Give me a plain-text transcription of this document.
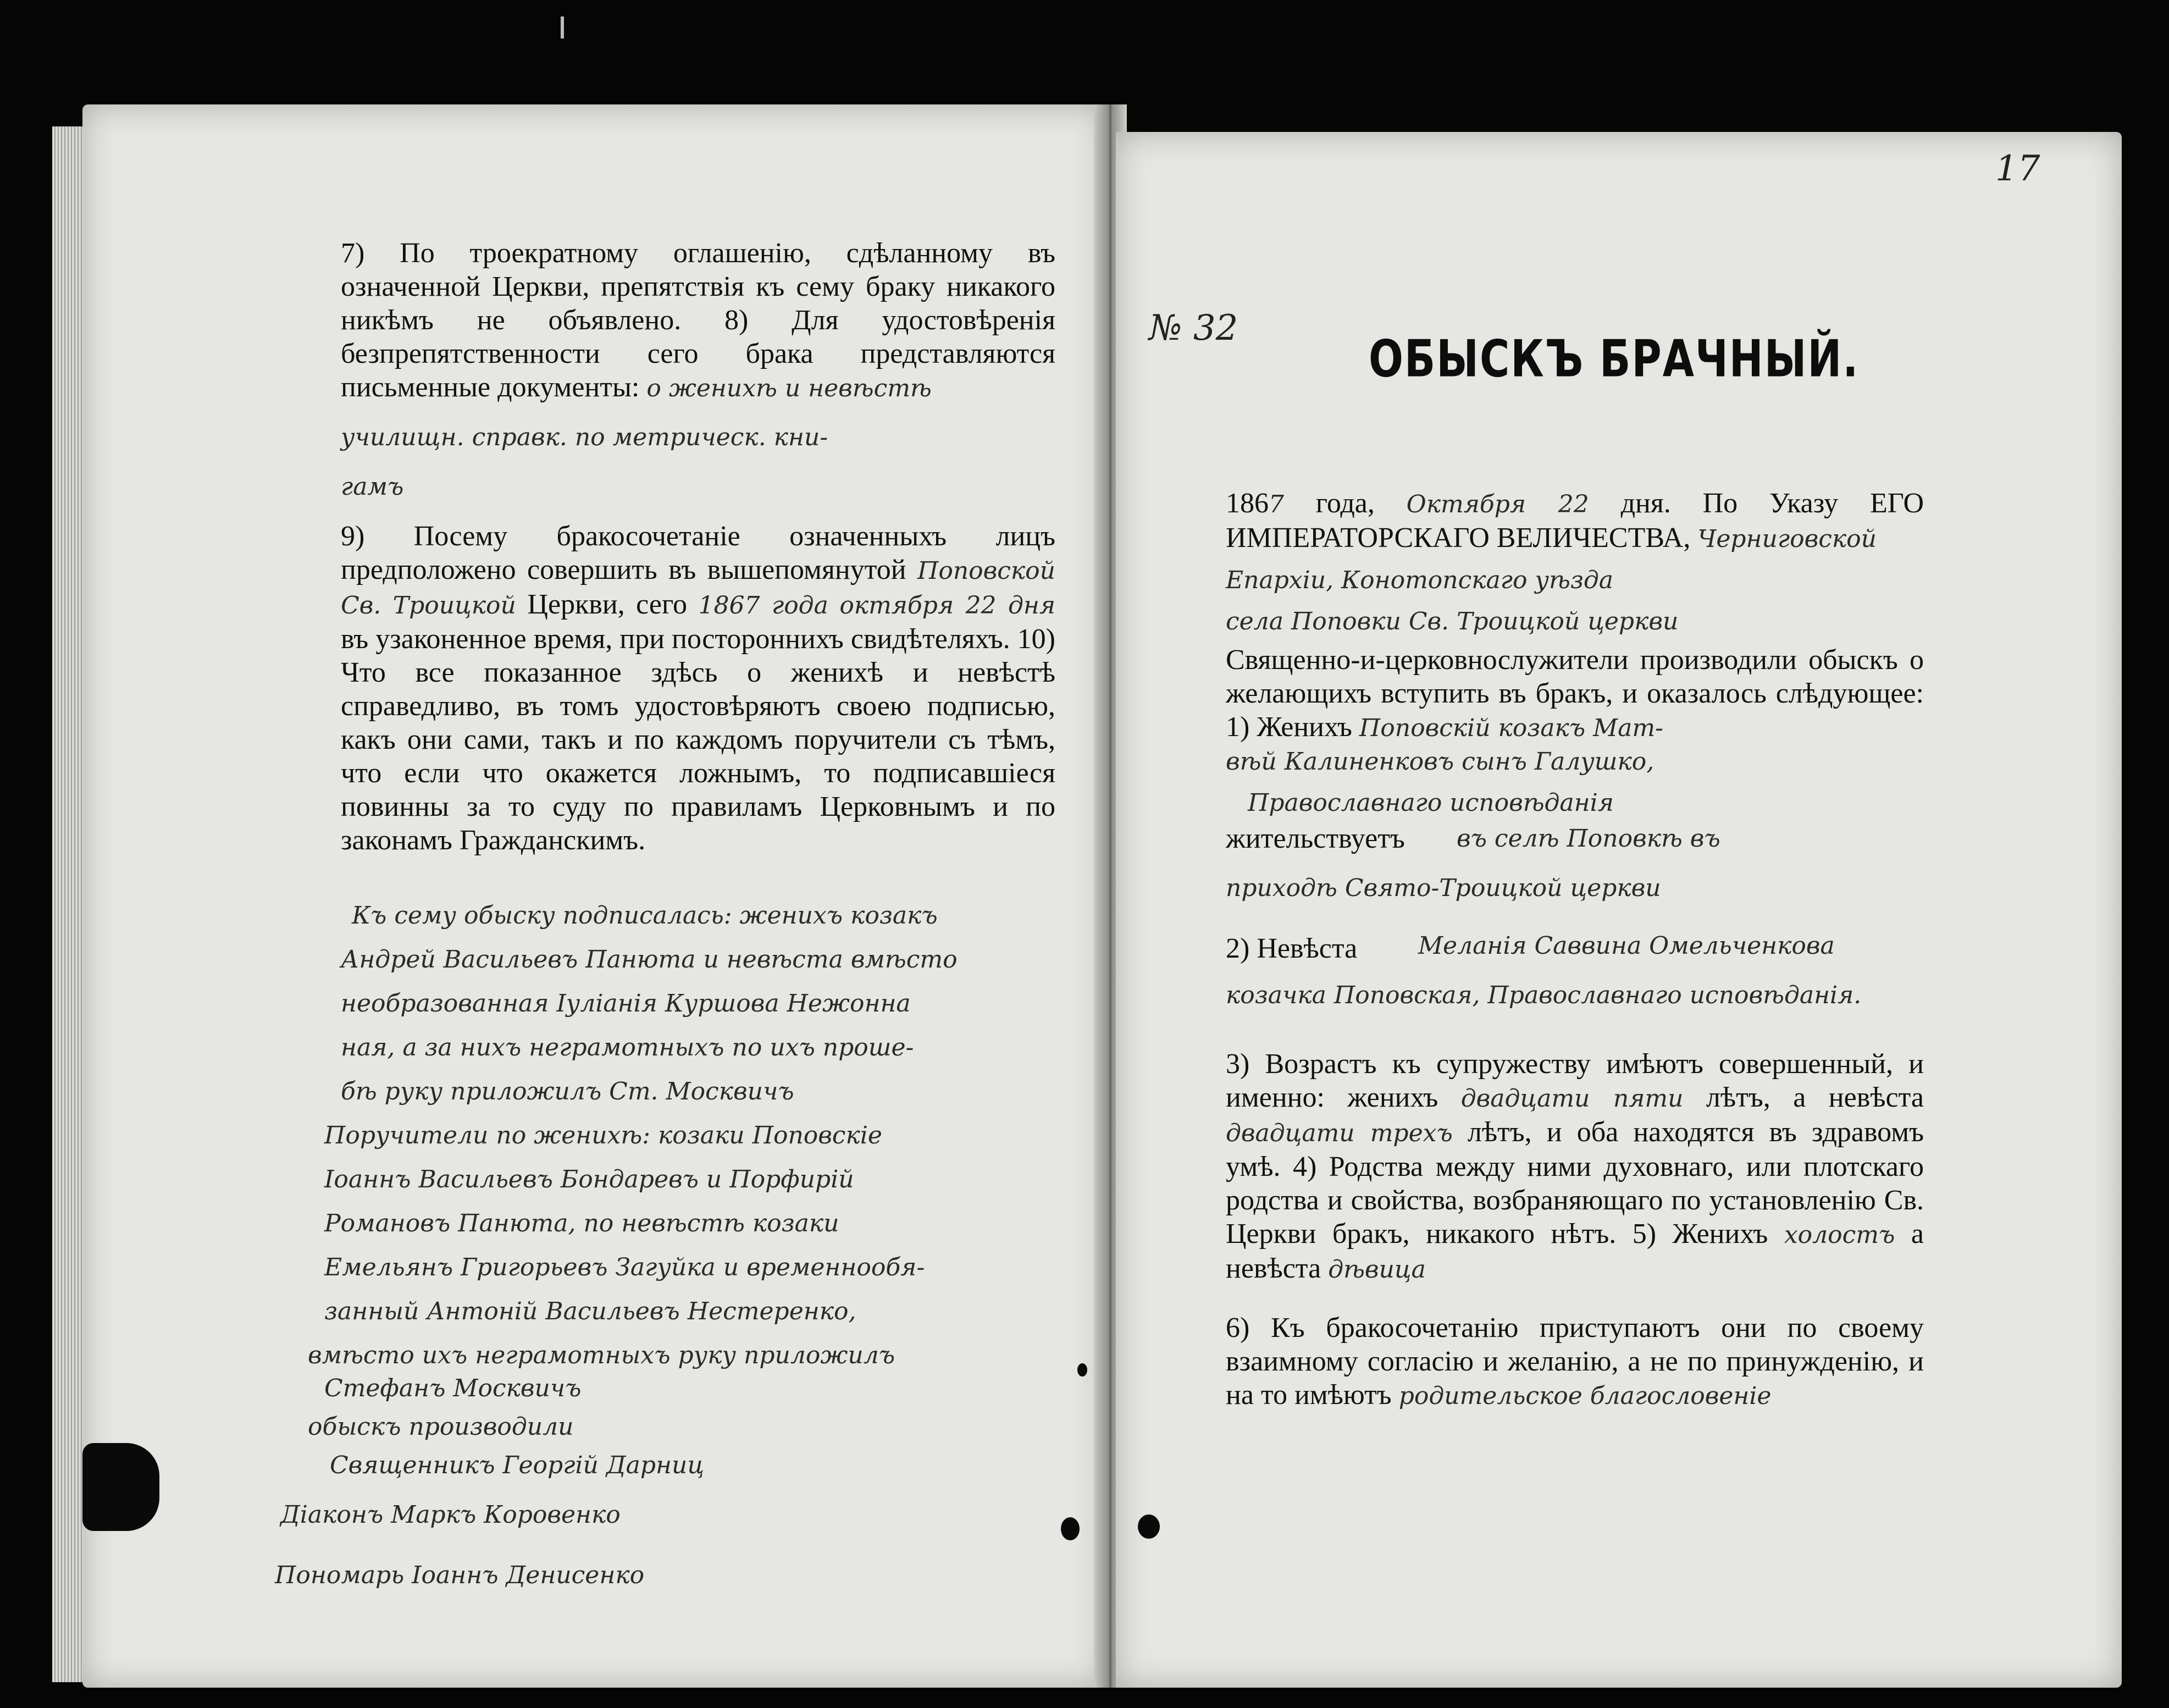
7) По троекратному оглашенію, сдѣланному въ означенной Церкви, препятствія къ сему браку никакого никѣмъ не объявлено. 8) Для удостовѣренія безпрепятственности сего брака представляются письменные документы: о женихѣ и невѣстѣ
училищн. справк. по метрическ. кни-
гамъ
9) Посему бракосочетаніе означенныхъ лицъ предположено совершить въ вышепомянутой Поповской Св. Троицкой Церкви, сего 1867 года октября 22 дня въ узаконенное время, при постороннихъ свидѣтеляхъ. 10) Что все показанное здѣсь о женихѣ и невѣстѣ справедливо, въ томъ удостовѣряютъ своею подписью, какъ они сами, такъ и по каждомъ поручители съ тѣмъ, что если что окажется ложнымъ, то подписавшіеся повинны за то суду по правиламъ Церковнымъ и по законамъ Гражданскимъ.
Къ сему обыску подписалась: женихъ козакъ
Андрей Васильевъ Панюта и невѣста вмѣсто
необразованная Іуліанія Куршова Нежонна
ная, а за нихъ неграмотныхъ по ихъ проше-
бѣ руку приложилъ Ст. Москвичъ
Поручители по женихѣ: козаки Поповскіе
Іоаннъ Васильевъ Бондаревъ и Порфирій
Романовъ Панюта, по невѣстѣ козаки
Емельянъ Григорьевъ Загуйка и временнообя-
занный Антоній Васильевъ Нестеренко,
вмѣсто ихъ неграмотныхъ руку приложилъ
Стефанъ Москвичъ
обыскъ производили
Священникъ Георгій Дарниц
Діаконъ Маркъ Коровенко
Пономарь Іоаннъ Денисенко
17
№ 32
ОБЫСКЪ БРАЧНЫЙ.
1867 года, Октября 22 дня. По Указу ЕГО ИМПЕРАТОРСКАГО ВЕЛИЧЕСТВА, Черниговской
Епархіи, Конотопскаго уѣзда
села Поповки Св. Троицкой церкви
Священно-и-церковнослужители производили обыскъ о желающихъ вступить въ бракъ, и оказалось слѣдующее: 1) Женихъ Поповскій козакъ Мат-
вѣй Калиненковъ сынъ Галушко,
Православнаго исповѣданія
жительствуетъ въ селѣ Поповкѣ въ
приходѣ Свято-Троицкой церкви
2) Невѣста	Меланія Саввина Омельченкова
козачка Поповская, Православнаго исповѣданія.
3) Возрастъ къ супружеству имѣютъ совершенный, и именно: женихъ двадцати пяти лѣтъ, а невѣста двадцати трехъ лѣтъ, и оба находятся въ здравомъ умѣ. 4) Родства между ними духовнаго, или плотскаго родства и свойства, возбраняющаго по установленію Св. Церкви бракъ, никакого нѣтъ. 5) Женихъ холостъ а невѣста дѣвица
6) Къ бракосочетанію приступаютъ они по своему взаимному согласію и желанію, а не по принужденію, и на то имѣютъ родительское благословеніе
